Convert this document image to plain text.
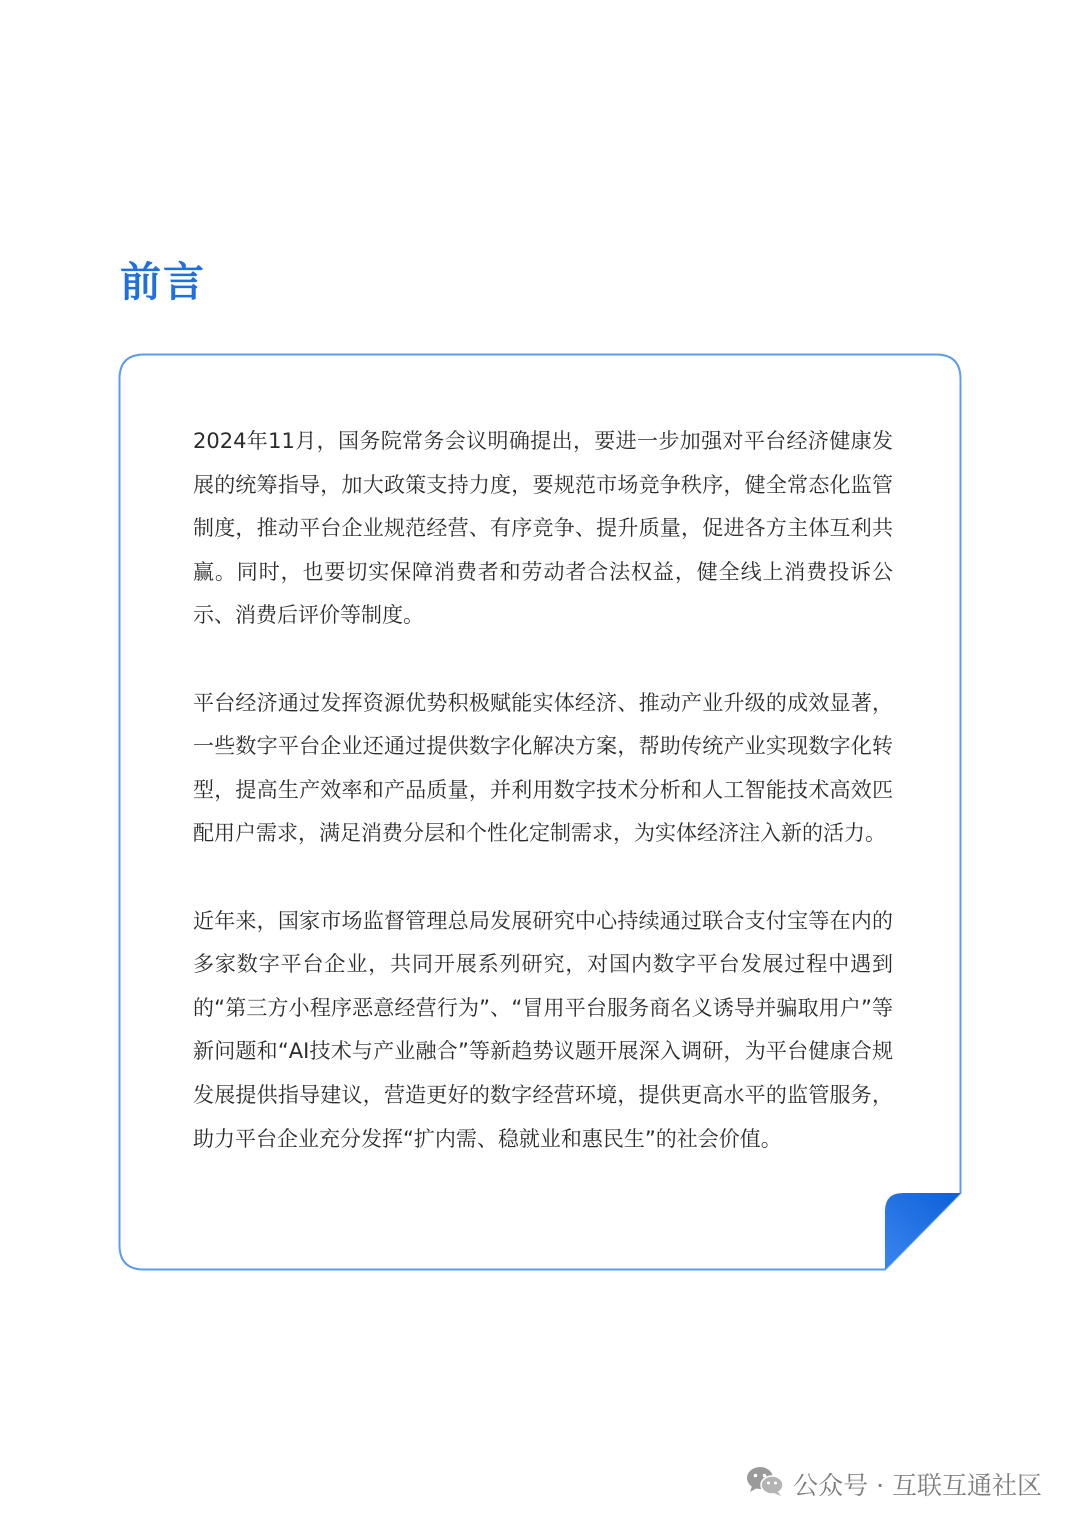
前言

2024年11月，国务院常务会议明确提出，要进一步加强对平台经济健康发展的统筹指导，加大政策支持力度，要规范市场竞争秩序，健全常态化监管制度，推动平台企业规范经营、有序竞争、提升质量，促进各方主体互利共赢。同时，也要切实保障消费者和劳动者合法权益，健全线上消费投诉公示、消费后评价等制度。

平台经济通过发挥资源优势积极赋能实体经济、推动产业升级的成效显著，一些数字平台企业还通过提供数字化解决方案，帮助传统产业实现数字化转型，提高生产效率和产品质量，并利用数字技术分析和人工智能技术高效匹配用户需求，满足消费分层和个性化定制需求，为实体经济注入新的活力。

近年来，国家市场监督管理总局发展研究中心持续通过联合支付宝等在内的多家数字平台企业，共同开展系列研究，对国内数字平台发展过程中遇到的“第三方小程序恶意经营行为”、“冒用平台服务商名义诱导并骗取用户”等新问题和“AI技术与产业融合”等新趋势议题开展深入调研，为平台健康合规发展提供指导建议，营造更好的数字经营环境，提供更高水平的监管服务，助力平台企业充分发挥“扩内需、稳就业和惠民生”的社会价值。

公众号 · 互联互通社区
